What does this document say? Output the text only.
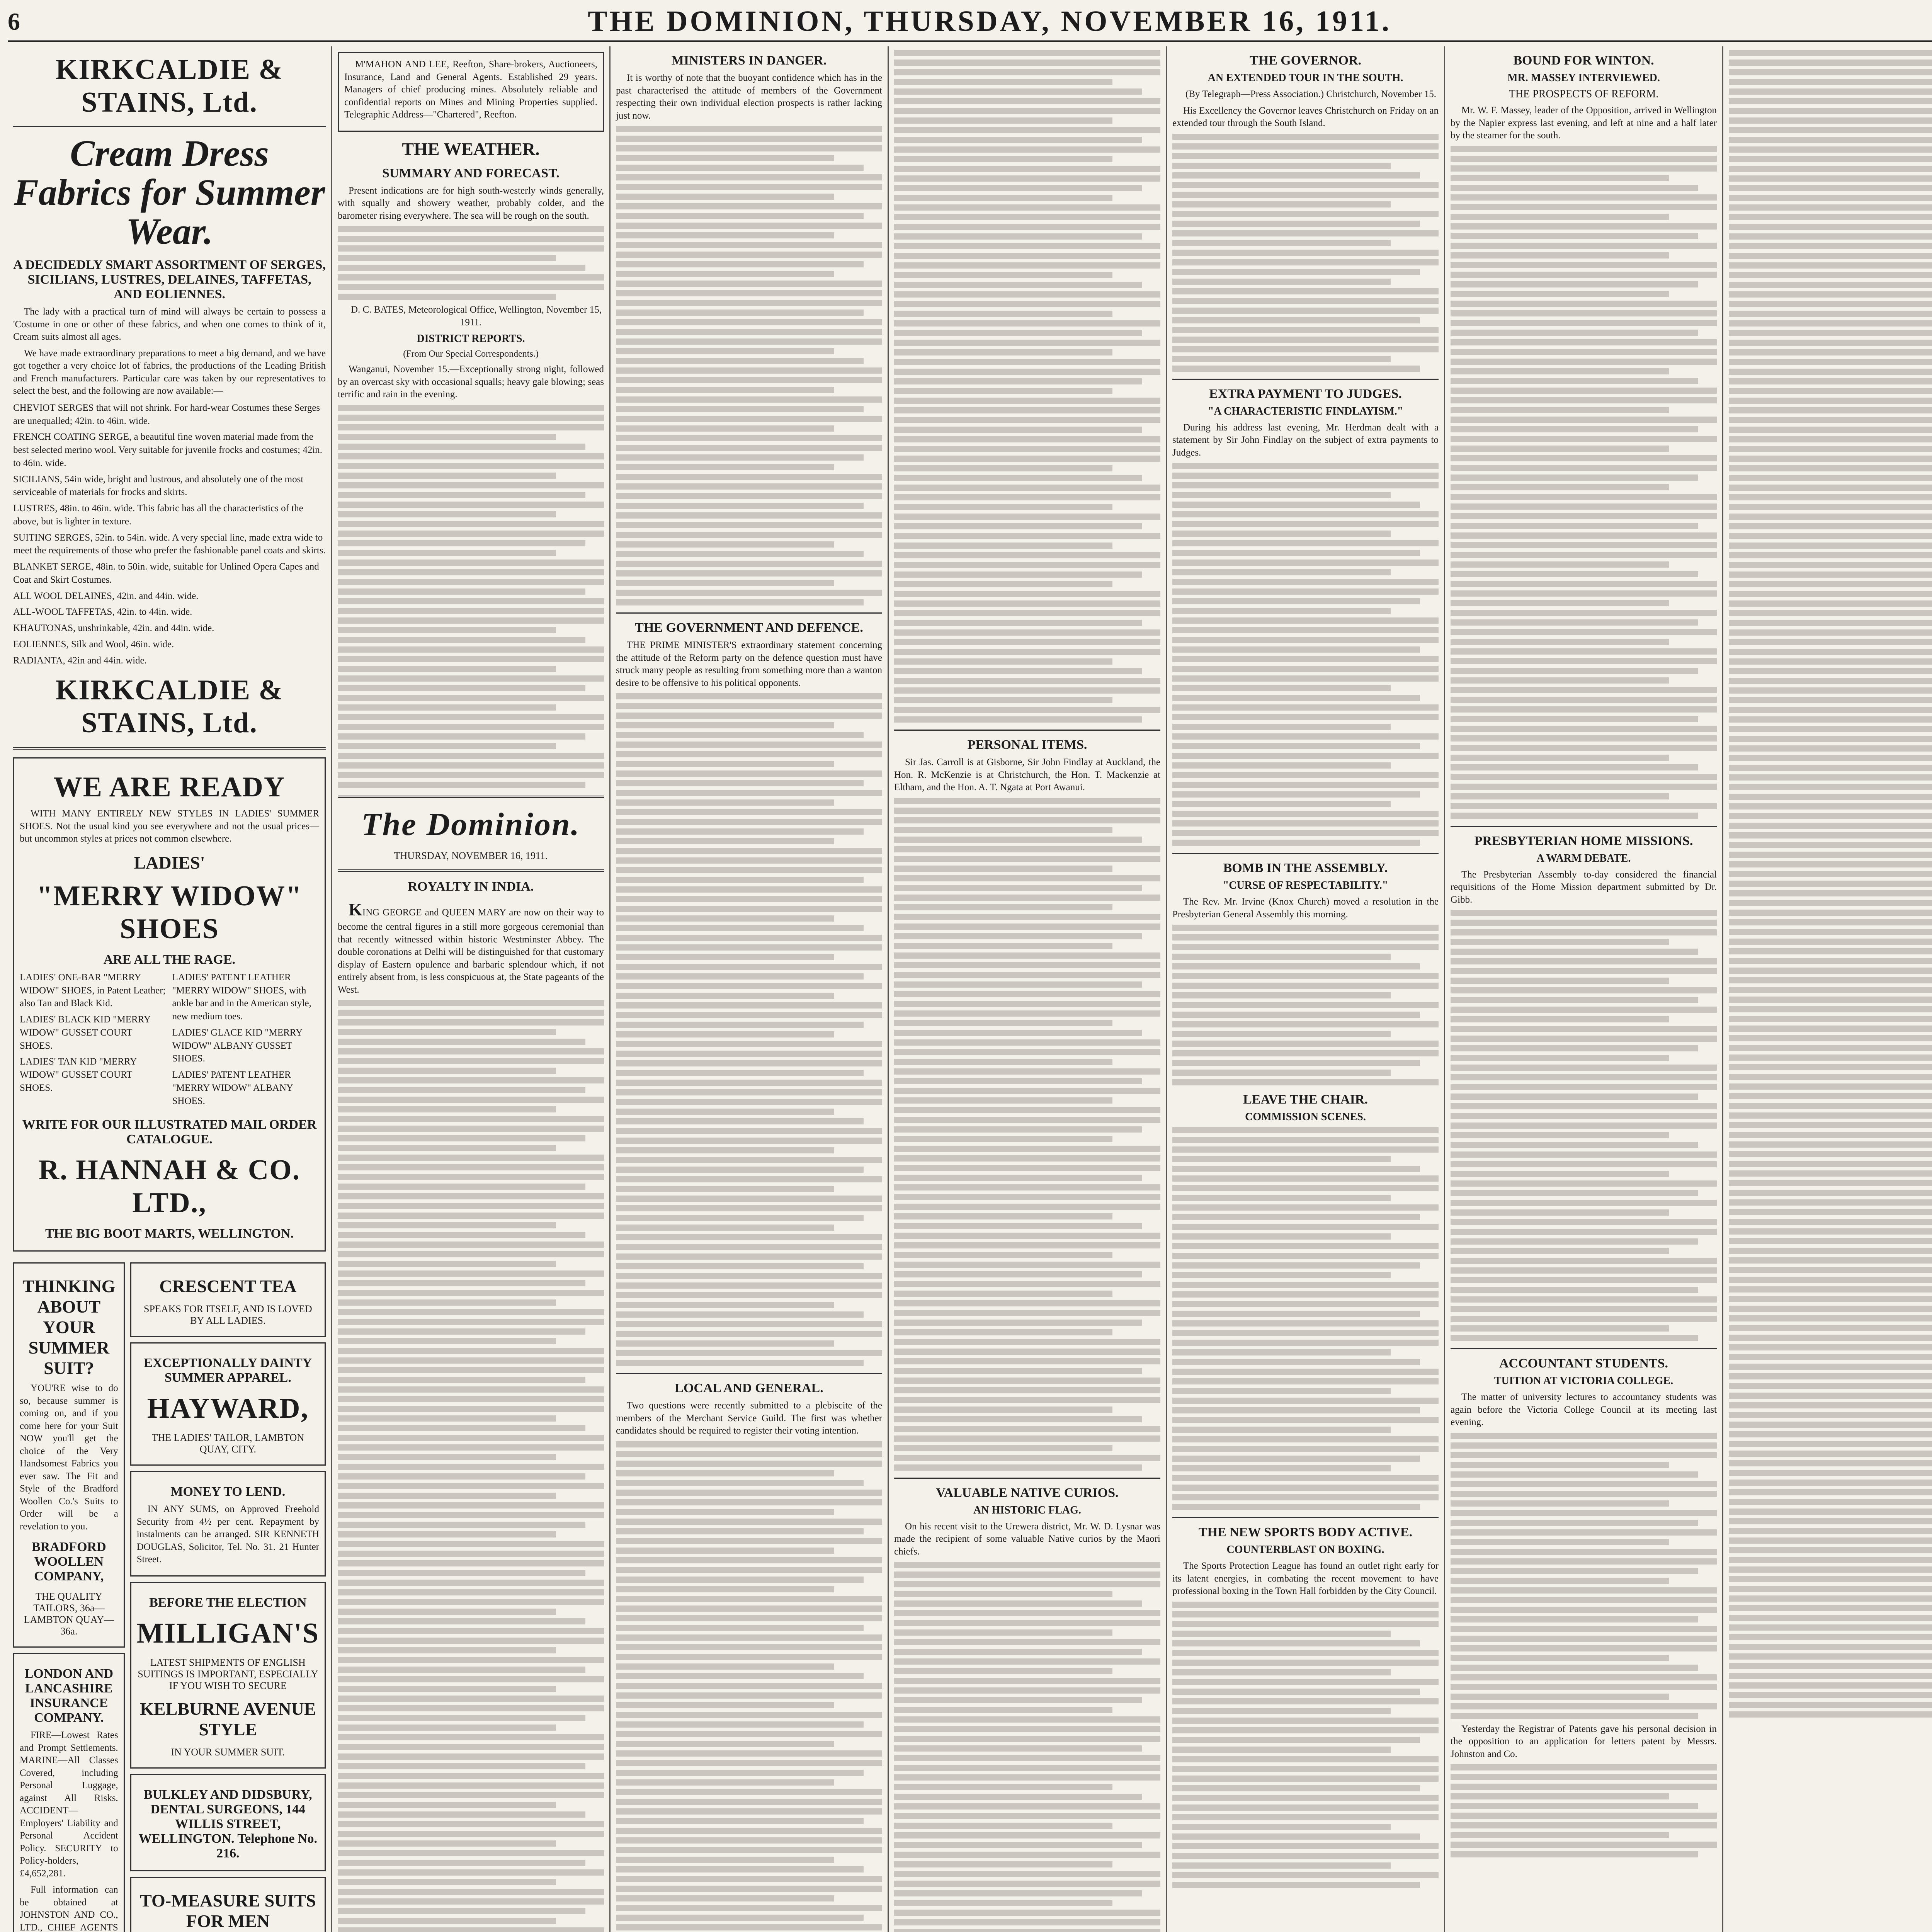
6	THE DOMINION, THURSDAY, NOVEMBER 16, 1911.
KIRKCALDIE & STAINS, Ltd.
Cream Dress Fabrics for Summer Wear.
A DECIDEDLY SMART ASSORTMENT OF SERGES, SICILIANS, LUSTRES, DELAINES, TAFFETAS, AND EOLIENNES.

The lady with a practical turn of mind will always be certain to possess a 'Costume in one or other of these fabrics, and when one comes to think of it, Cream suits almost all ages.

We have made extraordinary preparations to meet a big demand, and we have got together a very choice lot of fabrics, the productions of the Leading British and French manufacturers. Particular care was taken by our representatives to select the best, and the following are now available:—

CHEVIOT SERGES that will not shrink. For hard-wear Costumes these Serges are unequalled; 42in. to 46in. wide.
FRENCH COATING SERGE, a beautiful fine woven material made from the best selected merino wool. Very suitable for juvenile frocks and costumes; 42in. to 46in. wide.
SICILIANS, 54in wide, bright and lustrous, and absolutely one of the most serviceable of materials for frocks and skirts.
LUSTRES, 48in. to 46in. wide. This fabric has all the characteristics of the above, but is lighter in texture.
SUITING SERGES, 52in. to 54in. wide. A very special line, made extra wide to meet the requirements of those who prefer the fashionable panel coats and skirts.
BLANKET SERGE, 48in. to 50in. wide, suitable for Unlined Opera Capes and Coat and Skirt Costumes.
ALL WOOL DELAINES, 42in. and 44in. wide.
ALL-WOOL TAFFETAS, 42in. to 44in. wide.
KHAUTONAS, unshrinkable, 42in. and 44in. wide.
EOLIENNES, Silk and Wool, 46in. wide.
RADIANTA, 42in and 44in. wide.
KIRKCALDIE & STAINS, Ltd.
WE ARE READY

WITH MANY ENTIRELY NEW STYLES IN LADIES' SUMMER SHOES. Not the usual kind you see everywhere and not the usual prices—but uncommon styles at prices not common elsewhere.

LADIES'
"MERRY WIDOW" SHOES
ARE ALL THE RAGE.
LADIES' ONE-BAR "MERRY WIDOW" SHOES, in Patent Leather; also Tan and Black Kid.
LADIES' BLACK KID "MERRY WIDOW" GUSSET COURT SHOES.
LADIES' TAN KID "MERRY WIDOW" GUSSET COURT SHOES.
LADIES' PATENT LEATHER "MERRY WIDOW" SHOES, with ankle bar and in the American style, new medium toes.
LADIES' GLACE KID "MERRY WIDOW" ALBANY GUSSET SHOES.
LADIES' PATENT LEATHER "MERRY WIDOW" ALBANY SHOES.
WRITE FOR OUR ILLUSTRATED MAIL ORDER CATALOGUE.
R. HANNAH & CO. LTD.,
THE BIG BOOT MARTS, WELLINGTON.
THINKING ABOUT YOUR SUMMER SUIT?

YOU'RE wise to do so, because summer is coming on, and if you come here for your Suit NOW you'll get the choice of the Very Handsomest Fabrics you ever saw. The Fit and Style of the Bradford Woollen Co.'s Suits to Order will be a revelation to you.

BRADFORD WOOLLEN COMPANY,
THE QUALITY TAILORS, 36a—LAMBTON QUAY—36a.
LONDON AND LANCASHIRE INSURANCE COMPANY.

FIRE—Lowest Rates and Prompt Settlements. MARINE—All Classes Covered, including Personal Luggage, against All Risks. ACCIDENT—Employers' Liability and Personal Accident Policy. SECURITY to Policy-holders, £4,652,281.

Full information can be obtained at JOHNSTON AND CO., LTD., CHIEF AGENTS

CRESCENT TEA
SPEAKS FOR ITSELF, AND IS LOVED BY ALL LADIES.
EXCEPTIONALLY DAINTY SUMMER APPAREL.
HAYWARD,
THE LADIES' TAILOR, LAMBTON QUAY, CITY.
MONEY TO LEND.

IN ANY SUMS, on Approved Freehold Security from 4½ per cent. Repayment by instalments can be arranged. SIR KENNETH DOUGLAS, Solicitor, Tel. No. 31. 21 Hunter Street.

BEFORE THE ELECTION
MILLIGAN'S
LATEST SHIPMENTS OF ENGLISH SUITINGS IS IMPORTANT, ESPECIALLY IF YOU WISH TO SECURE
KELBURNE AVENUE STYLE
IN YOUR SUMMER SUIT.
BULKLEY AND DIDSBURY, DENTAL SURGEONS, 144 WILLIS STREET, WELLINGTON. Telephone No. 216.
TO-MEASURE SUITS FOR MEN

M'MAHON AND LEE, Reefton, Share-brokers, Auctioneers, Insurance, Land and General Agents. Established 29 years. Managers of chief producing mines. Absolutely reliable and confidential reports on Mines and Mining Properties supplied. Telegraphic Address—"Chartered", Reefton.

THE WEATHER.
SUMMARY AND FORECAST.

Present indications are for high south-westerly winds generally, with squally and showery weather, probably colder, and the barometer rising everywhere. The sea will be rough on the south.

D. C. BATES, Meteorological Office, Wellington, November 15, 1911.

DISTRICT REPORTS.
(From Our Special Correspondents.)

Wanganui, November 15.—Exceptionally strong night, followed by an overcast sky with occasional squalls; heavy gale blowing; seas terrific and rain in the evening.

The Dominion.
THURSDAY, NOVEMBER 16, 1911.
ROYALTY IN INDIA.

KING GEORGE and QUEEN MARY are now on their way to become the central figures in a still more gorgeous ceremonial than that recently witnessed within historic Westminster Abbey. The double coronations at Delhi will be distinguished for that customary display of Eastern opulence and barbaric splendour which, if not entirely absent from, is less conspicuous at, the State pageants of the West.

MINISTERS IN DANGER.

It is worthy of note that the buoyant confidence which has in the past characterised the attitude of members of the Government respecting their own individual election prospects is rather lacking just now.

THE GOVERNMENT AND DEFENCE.

THE PRIME MINISTER'S extraordinary statement concerning the attitude of the Reform party on the defence question must have struck many people as resulting from something more than a wanton desire to be offensive to his political opponents.

LOCAL AND GENERAL.

Two questions were recently submitted to a plebiscite of the members of the Merchant Service Guild. The first was whether candidates should be required to register their voting intention.

PERSONAL ITEMS.

Sir Jas. Carroll is at Gisborne, Sir John Findlay at Auckland, the Hon. R. McKenzie is at Christchurch, the Hon. T. Mackenzie at Eltham, and the Hon. A. T. Ngata at Port Awanui.

VALUABLE NATIVE CURIOS.
AN HISTORIC FLAG.

On his recent visit to the Urewera district, Mr. W. D. Lysnar was made the recipient of some valuable Native curios by the Maori chiefs.

THE GOVERNOR.
AN EXTENDED TOUR IN THE SOUTH.

(By Telegraph—Press Association.) Christchurch, November 15.

His Excellency the Governor leaves Christchurch on Friday on an extended tour through the South Island.

EXTRA PAYMENT TO JUDGES.
"A CHARACTERISTIC FINDLAYISM."

During his address last evening, Mr. Herdman dealt with a statement by Sir John Findlay on the subject of extra payments to Judges.

BOMB IN THE ASSEMBLY.
"CURSE OF RESPECTABILITY."

The Rev. Mr. Irvine (Knox Church) moved a resolution in the Presbyterian General Assembly this morning.

LEAVE THE CHAIR.
COMMISSION SCENES.
THE NEW SPORTS BODY ACTIVE.
COUNTERBLAST ON BOXING.

The Sports Protection League has found an outlet right early for its latent energies, in combating the recent movement to have professional boxing in the Town Hall forbidden by the City Council.

BOUND FOR WINTON.
MR. MASSEY INTERVIEWED.
THE PROSPECTS OF REFORM.

Mr. W. F. Massey, leader of the Opposition, arrived in Wellington by the Napier express last evening, and left at nine and a half later by the steamer for the south.

PRESBYTERIAN HOME MISSIONS.
A WARM DEBATE.

The Presbyterian Assembly to-day considered the financial requisitions of the Home Mission department submitted by Dr. Gibb.

ACCOUNTANT STUDENTS.
TUITION AT VICTORIA COLLEGE.

The matter of university lectures to accountancy students was again before the Victoria College Council at its meeting last evening.

Yesterday the Registrar of Patents gave his personal decision in the opposition to an application for letters patent by Messrs. Johnston and Co.
